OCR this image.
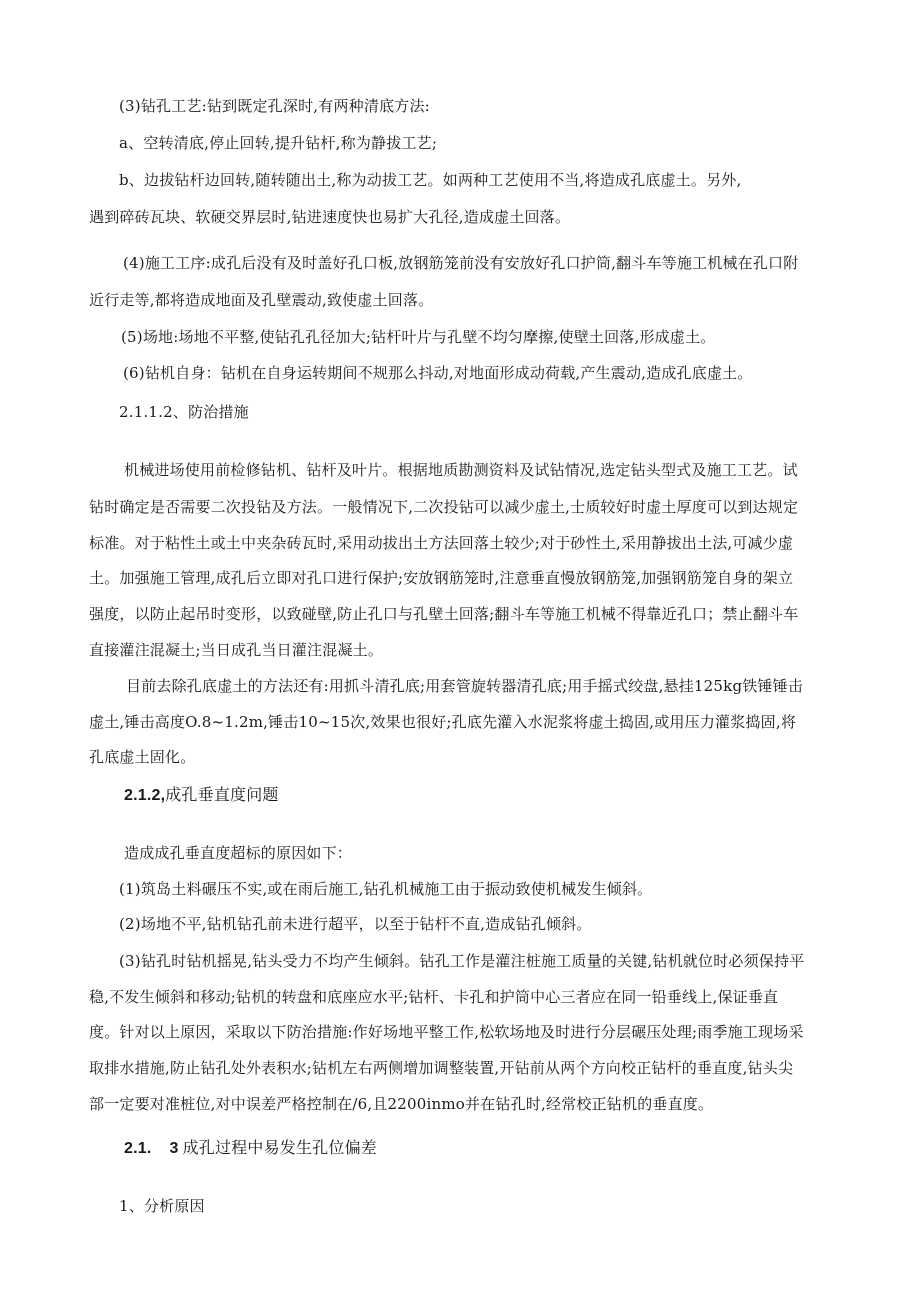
(3)钻孔工艺:钻到既定孔深时,有两种清底方法:
a、空转清底,停止回转,提升钻杆,称为静拔工艺;
b、边拔钻杆边回转,随转随出土,称为动拔工艺。如两种工艺使用不当,将造成孔底虚土。另外,
遇到碎砖瓦块、软硬交界层时,钻进速度快也易扩大孔径,造成虚土回落。
(4)施工工序:成孔后没有及时盖好孔口板,放钢筋笼前没有安放好孔口护筒,翻斗车等施工机械在孔口附
近行走等,都将造成地面及孔壁震动,致使虚土回落。
(5)场地:场地不平整,使钻孔孔径加大;钻杆叶片与孔壁不均匀摩擦,使壁土回落,形成虚土。
(6)钻机自身：钻机在自身运转期间不规那么抖动,对地面形成动荷载,产生震动,造成孔底虚土。
2.1.1.2、防治措施
机械进场使用前检修钻机、钻杆及叶片。根据地质勘测资料及试钻情况,选定钻头型式及施工工艺。试
钻时确定是否需要二次投钻及方法。一般情况下,二次投钻可以减少虚土,士质较好时虚土厚度可以到达规定
标准。对于粘性土或土中夹杂砖瓦时,采用动拔出土方法回落土较少;对于砂性土,采用静拔出土法,可减少虚
土。加强施工管理,成孔后立即对孔口进行保护;安放钢筋笼时,注意垂直慢放钢筋笼,加强钢筋笼自身的架立
强度，以防止起吊时变形，以致碰壁,防止孔口与孔壁土回落;翻斗车等施工机械不得靠近孔口；禁止翻斗车
直接灌注混凝土;当日成孔当日灌注混凝土。
目前去除孔底虚土的方法还有:用抓斗清孔底;用套管旋转器清孔底;用手摇式绞盘,悬挂125kg铁锤锤击
虚土,锤击高度O.8~1.2m,锤击10~15次,效果也很好;孔底先灌入水泥浆将虚土捣固,或用压力灌浆捣固,将
孔底虚土固化。
2.1.2,成孔垂直度问题
造成成孔垂直度超标的原因如下：
(1)筑岛土料碾压不实,或在雨后施工,钻孔机械施工由于振动致使机械发生倾斜。
(2)场地不平,钻机钻孔前未进行超平，以至于钻杆不直,造成钻孔倾斜。
(3)钻孔时钻机摇晃,钻头受力不均产生倾斜。钻孔工作是灌注桩施工质量的关键,钻机就位时必须保持平
稳,不发生倾斜和移动;钻机的转盘和底座应水平;钻杆、卡孔和护筒中心三者应在同一铅垂线上,保证垂直
度。针对以上原因，采取以下防治措施:作好场地平整工作,松软场地及时进行分层碾压处理;雨季施工现场采
取排水措施,防止钻孔处外表积水;钻机左右两侧增加调整装置,开钻前从两个方向校正钻杆的垂直度,钻头尖
部一定要对准桩位,对中误差严格控制在/6,且2200inmo并在钻孔时,经常校正钻机的垂直度。
2.1. 3 成孔过程中易发生孔位偏差
1、分析原因
